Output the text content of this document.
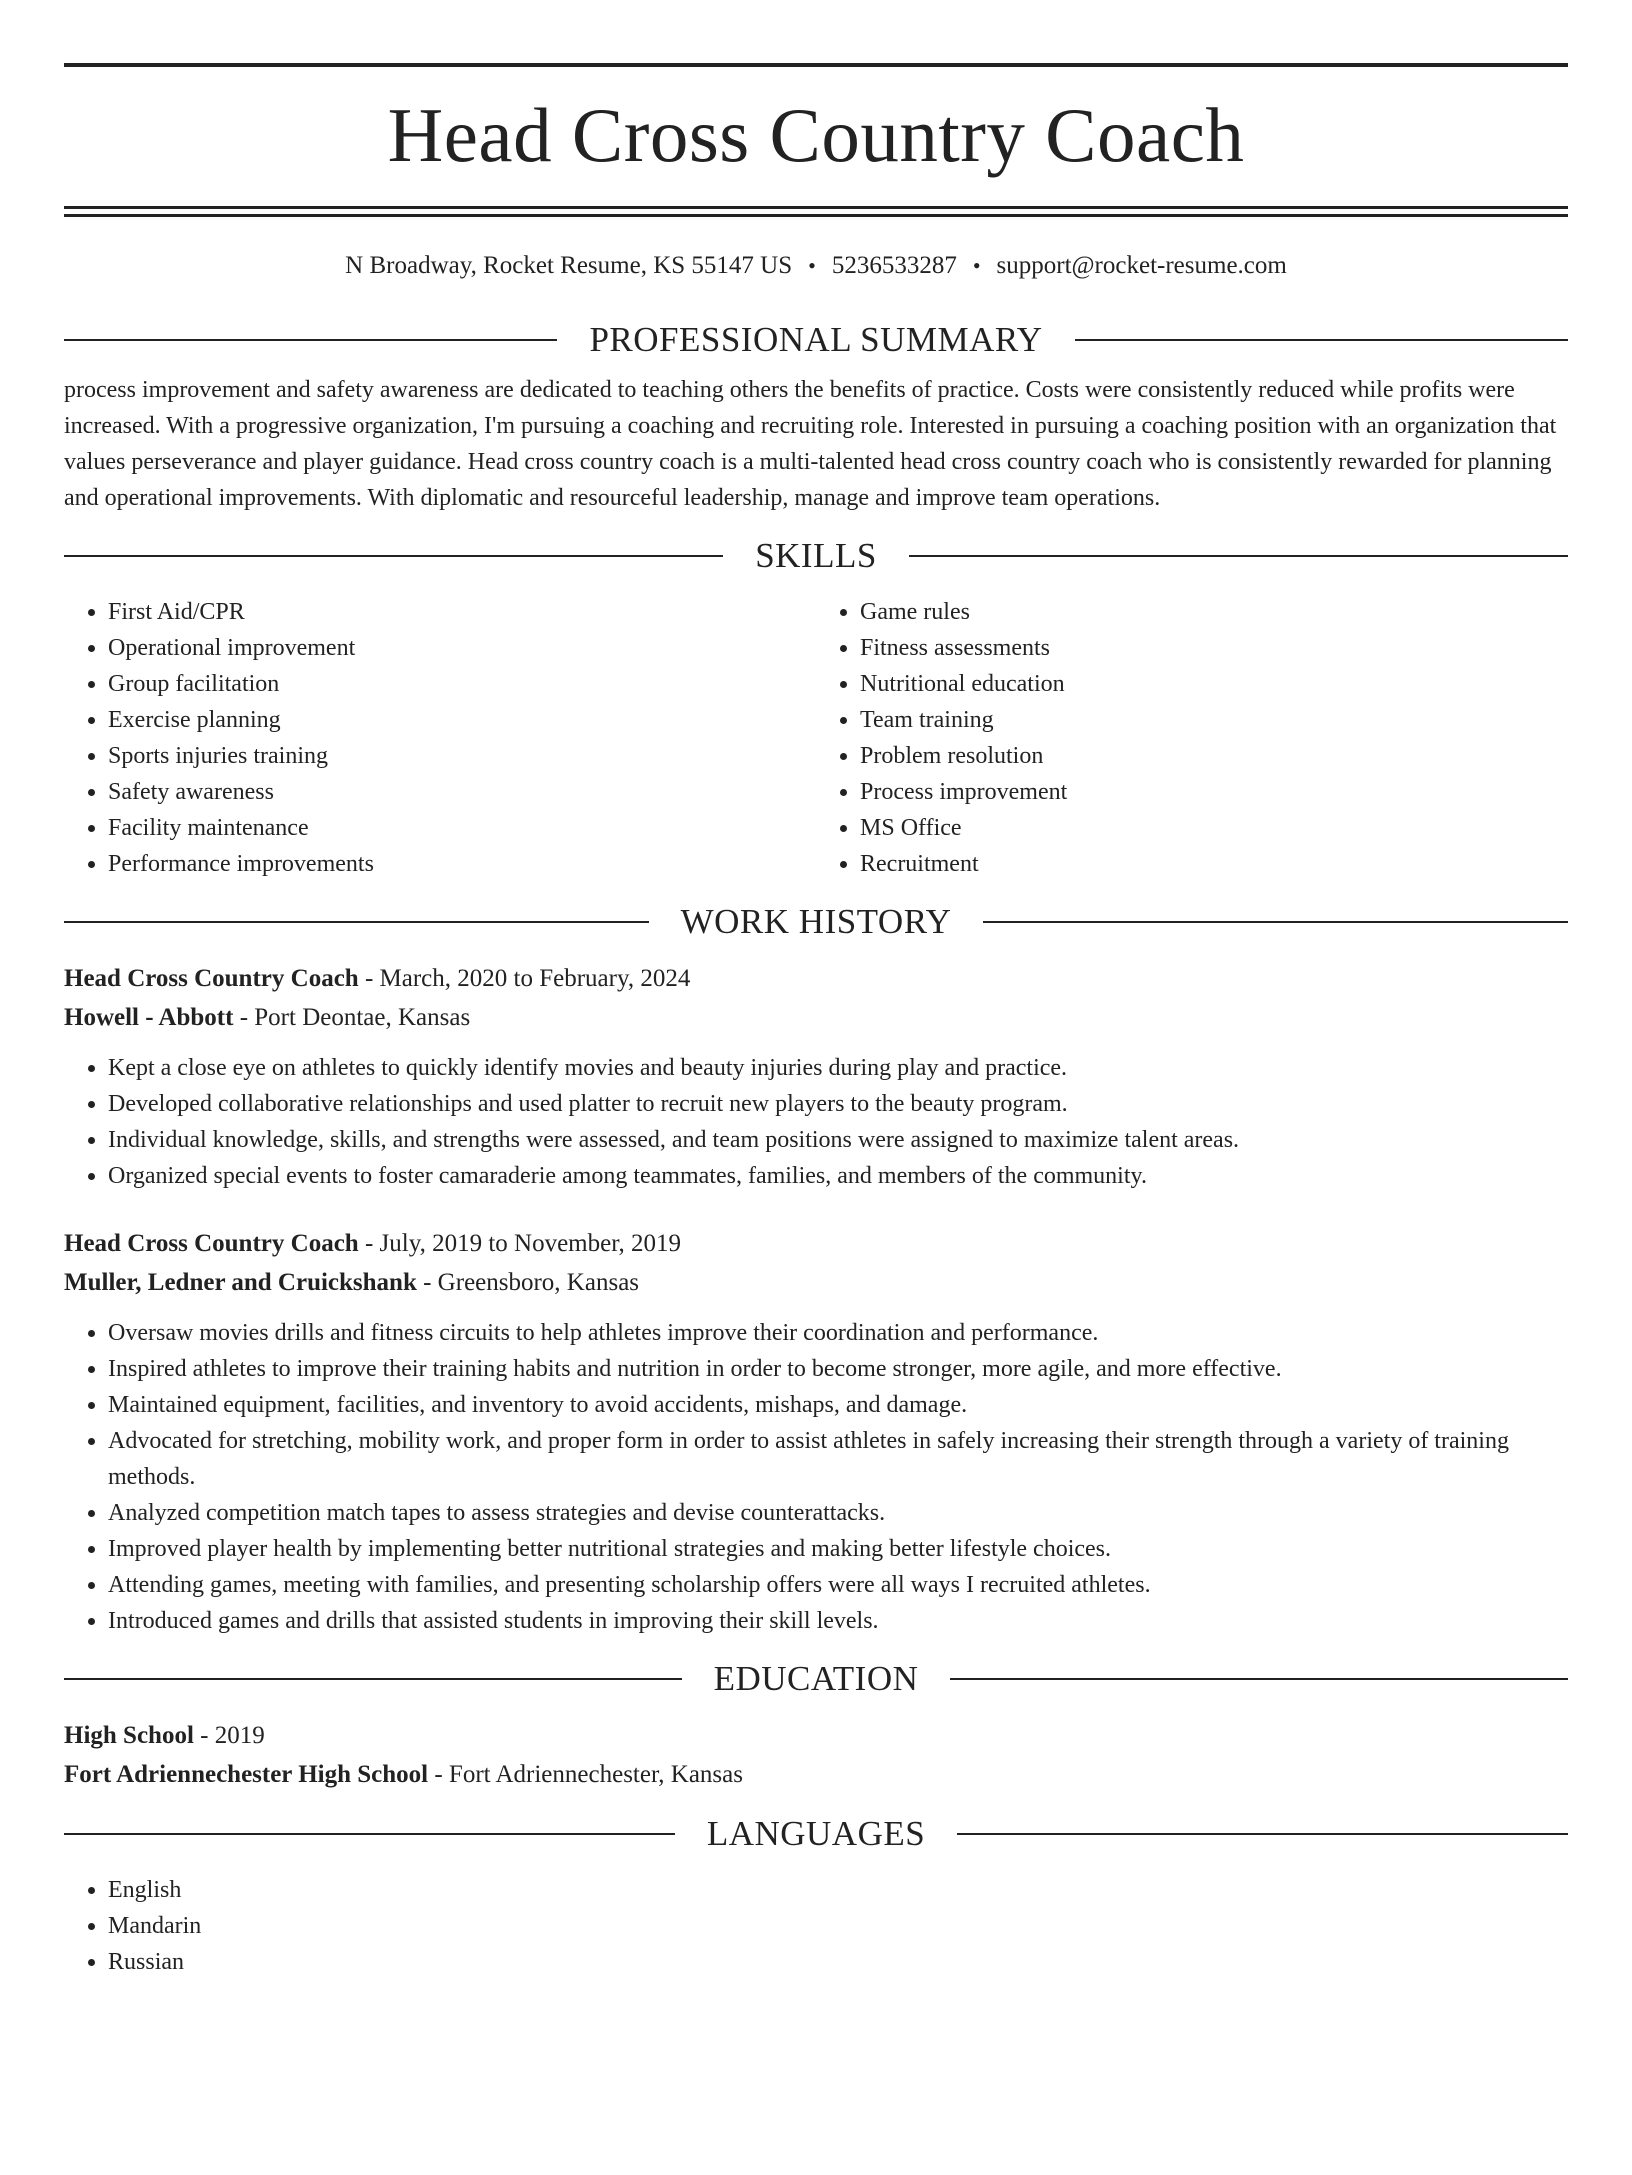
Head Cross Country Coach
N Broadway, Rocket Resume, KS 55147 US • 5236533287 • support@rocket-resume.com
PROFESSIONAL SUMMARY

process improvement and safety awareness are dedicated to teaching others the benefits of practice. Costs were consistently reduced while profits were increased. With a progressive organization, I'm pursuing a coaching and recruiting role. Interested in pursuing a coaching position with an organization that values perseverance and player guidance. Head cross country coach is a multi-talented head cross country coach who is consistently rewarded for planning and operational improvements. With diplomatic and resourceful leadership, manage and improve team operations.

SKILLS
• First Aid/CPR
• Operational improvement
• Group facilitation
• Exercise planning
• Sports injuries training
• Safety awareness
• Facility maintenance
• Performance improvements
• Game rules
• Fitness assessments
• Nutritional education
• Team training
• Problem resolution
• Process improvement
• MS Office
• Recruitment
WORK HISTORY
Head Cross Country Coach - March, 2020 to February, 2024
Howell - Abbott - Port Deontae, Kansas
• Kept a close eye on athletes to quickly identify movies and beauty injuries during play and practice.
• Developed collaborative relationships and used platter to recruit new players to the beauty program.
• Individual knowledge, skills, and strengths were assessed, and team positions were assigned to maximize talent areas.
• Organized special events to foster camaraderie among teammates, families, and members of the community.
Head Cross Country Coach - July, 2019 to November, 2019
Muller, Ledner and Cruickshank - Greensboro, Kansas
• Oversaw movies drills and fitness circuits to help athletes improve their coordination and performance.
• Inspired athletes to improve their training habits and nutrition in order to become stronger, more agile, and more effective.
• Maintained equipment, facilities, and inventory to avoid accidents, mishaps, and damage.
• Advocated for stretching, mobility work, and proper form in order to assist athletes in safely increasing their strength through a variety of training methods.
• Analyzed competition match tapes to assess strategies and devise counterattacks.
• Improved player health by implementing better nutritional strategies and making better lifestyle choices.
• Attending games, meeting with families, and presenting scholarship offers were all ways I recruited athletes.
• Introduced games and drills that assisted students in improving their skill levels.
EDUCATION
High School - 2019
Fort Adriennechester High School - Fort Adriennechester, Kansas
LANGUAGES
• English
• Mandarin
• Russian
